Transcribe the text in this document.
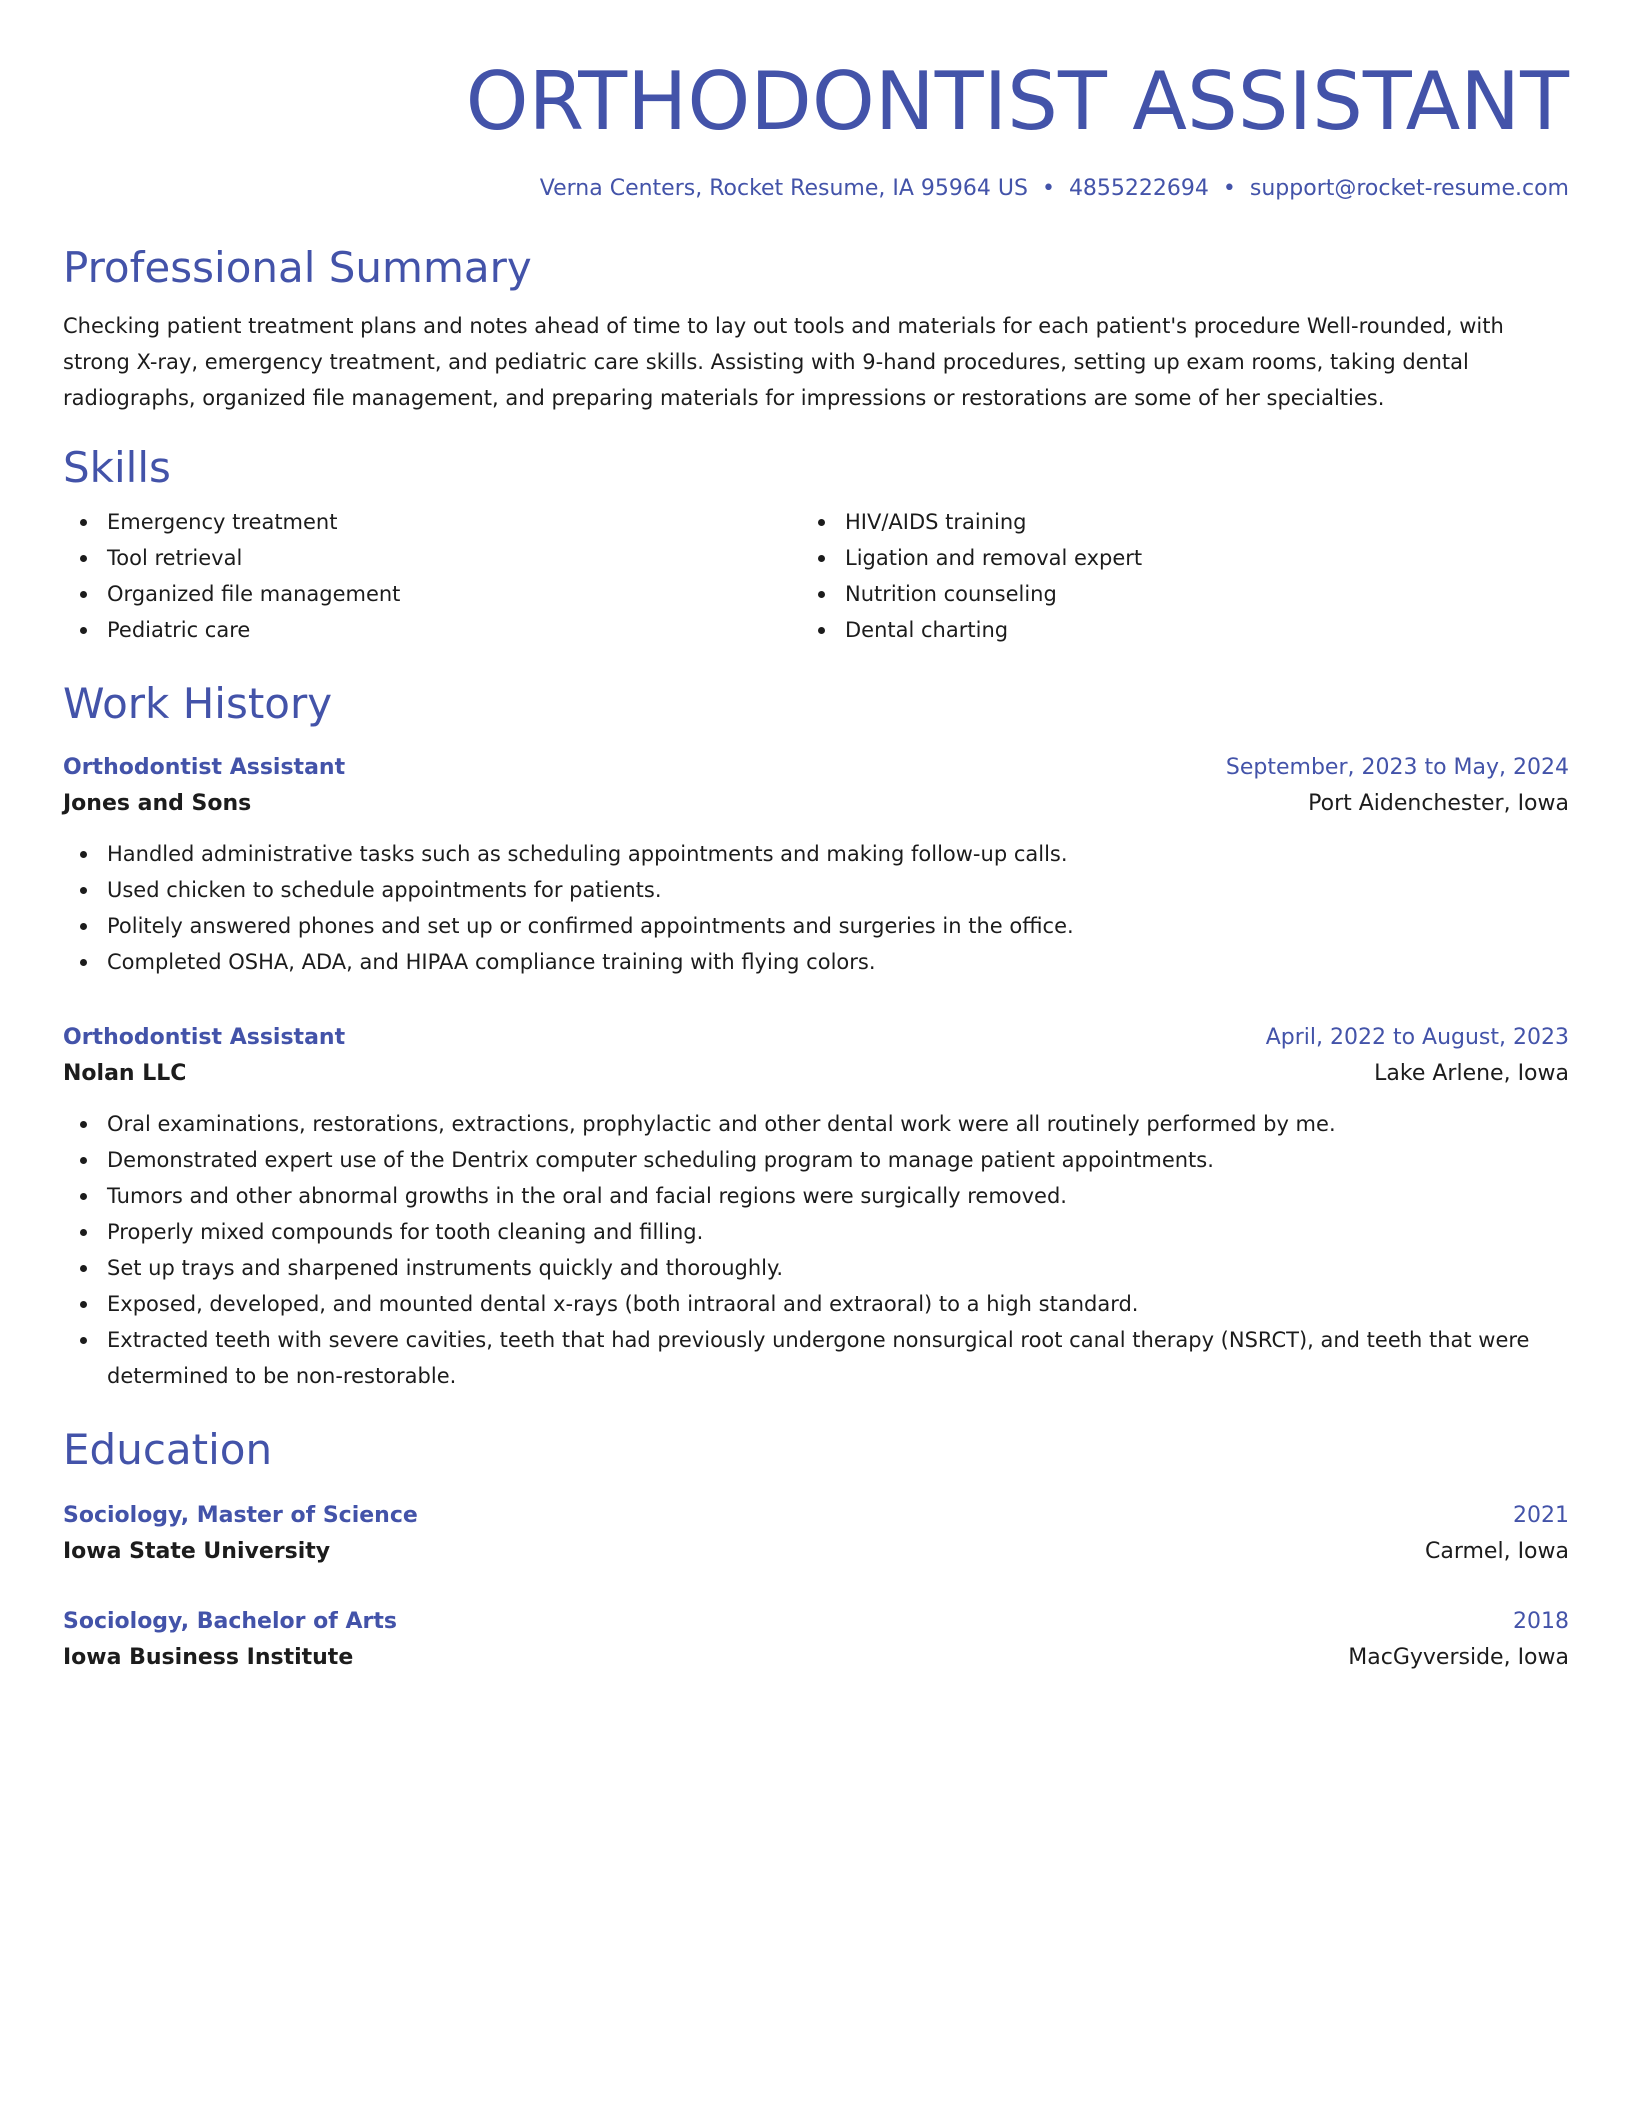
ORTHODONTIST ASSISTANT
Verna Centers, Rocket Resume, IA 95964 US • 4855222694 • support@rocket-resume.com
Professional Summary
Checking patient treatment plans and notes ahead of time to lay out tools and materials for each patient's procedure Well-rounded, with strong X-ray, emergency treatment, and pediatric care skills. Assisting with 9-hand procedures, setting up exam rooms, taking dental radiographs, organized file management, and preparing materials for impressions or restorations are some of her specialties.
Skills
Emergency treatment
Tool retrieval
Organized file management
Pediatric care
HIV/AIDS training
Ligation and removal expert
Nutrition counseling
Dental charting
Work History
Orthodontist Assistant	September, 2023 to May, 2024
Jones and Sons	Port Aidenchester, Iowa
Handled administrative tasks such as scheduling appointments and making follow-up calls.
Used chicken to schedule appointments for patients.
Politely answered phones and set up or confirmed appointments and surgeries in the office.
Completed OSHA, ADA, and HIPAA compliance training with flying colors.
Orthodontist Assistant	April, 2022 to August, 2023
Nolan LLC	Lake Arlene, Iowa
Oral examinations, restorations, extractions, prophylactic and other dental work were all routinely performed by me.
Demonstrated expert use of the Dentrix computer scheduling program to manage patient appointments.
Tumors and other abnormal growths in the oral and facial regions were surgically removed.
Properly mixed compounds for tooth cleaning and filling.
Set up trays and sharpened instruments quickly and thoroughly.
Exposed, developed, and mounted dental x-rays (both intraoral and extraoral) to a high standard.
Extracted teeth with severe cavities, teeth that had previously undergone nonsurgical root canal therapy (NSRCT), and teeth that were determined to be non-restorable.
Education
Sociology, Master of Science	2021
Iowa State University	Carmel, Iowa
Sociology, Bachelor of Arts	2018
Iowa Business Institute	MacGyverside, Iowa
